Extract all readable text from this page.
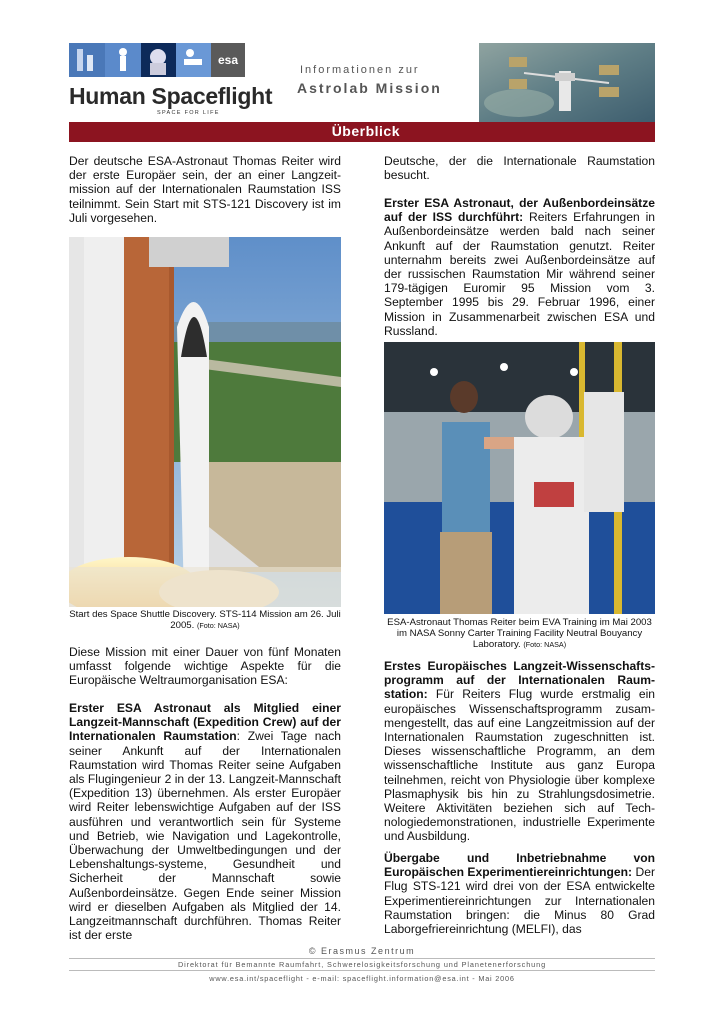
esa
Human Spaceflight
SPACE FOR LIFE
Informationen zur
Astrolab Mission
Überblick
Der deutsche ESA-Astronaut Thomas Reiter wird der erste Europäer sein, der an einer Langzeit-mission auf der Internationalen Raumstation ISS teilnimmt. Sein Start mit STS-121 Discovery ist im Juli vorgesehen.
Start des Space Shuttle Discovery. STS-114 Mission am 26. Juli 2005. (Foto: NASA)
Diese Mission mit einer Dauer von fünf Monaten umfasst folgende wichtige Aspekte für die Europäische Weltraumorganisation ESA:
Erster ESA Astronaut als Mitglied einer Langzeit-Mannschaft (Expedition Crew) auf der Internationalen Raumstation: Zwei Tage nach seiner Ankunft auf der Internationalen Raumstation wird Thomas Reiter seine Aufgaben als Flugingenieur 2 in der 13. Langzeit-Mannschaft (Expedition 13) übernehmen. Als erster Europäer wird Reiter lebenswichtige Aufgaben auf der ISS ausführen und verantwortlich sein für Systeme und Betrieb, wie Navigation und Lagekontrolle, Überwachung der Umweltbedingungen und der Lebenshaltungs-systeme, Gesundheit und Sicherheit der Mannschaft sowie Außenbordeinsätze. Gegen Ende seiner Mission wird er dieselben Aufgaben als Mitglied der 14. Langzeitmannschaft durchführen. Thomas Reiter ist der erste
Deutsche, der die Internationale Raumstation besucht.
Erster ESA Astronaut, der Außenbordeinsätze auf der ISS durchführt: Reiters Erfahrungen in Außenbordeinsätze werden bald nach seiner Ankunft auf der Raumstation genutzt. Reiter unternahm bereits zwei Außenbordeinsätze auf der russischen Raumstation Mir während seiner 179-tägigen Euromir 95 Mission vom 3. September 1995 bis 29. Februar 1996, einer Mission in Zusammenarbeit zwischen ESA und Russland.
ESA-Astronaut Thomas Reiter beim EVA Training im Mai 2003 im NASA Sonny Carter Training Facility Neutral Bouyancy Laboratory. (Foto: NASA)
Erstes Europäisches Langzeit-Wissenschafts-programm auf der Internationalen Raum-station: Für Reiters Flug wurde erstmalig ein europäisches Wissenschaftsprogramm zusam-mengestellt, das auf eine Langzeitmission auf der Internationalen Raumstation zugeschnitten ist. Dieses wissenschaftliche Programm, an dem wissenschaftliche Institute aus ganz Europa teilnehmen, reicht von Physiologie über komplexe Plasmaphysik bis hin zu Strahlungsdosimetrie. Weitere Aktivitäten beziehen sich auf Tech-nologiedemonstrationen, industrielle Experimente und Ausbildung.
Übergabe und Inbetriebnahme von Europäischen Experimentiereinrichtungen: Der Flug STS-121 wird drei von der ESA entwickelte Experimentiereinrichtungen zur Internationalen Raumstation bringen: die Minus 80 Grad Laborgefriereinrichtung (MELFI), das
© Erasmus Zentrum
Direktorat für Bemannte Raumfahrt, Schwerelosigkeitsforschung und Planetenerforschung
www.esa.int/spaceflight - e-mail: spaceflight.information@esa.int - Mai 2006
